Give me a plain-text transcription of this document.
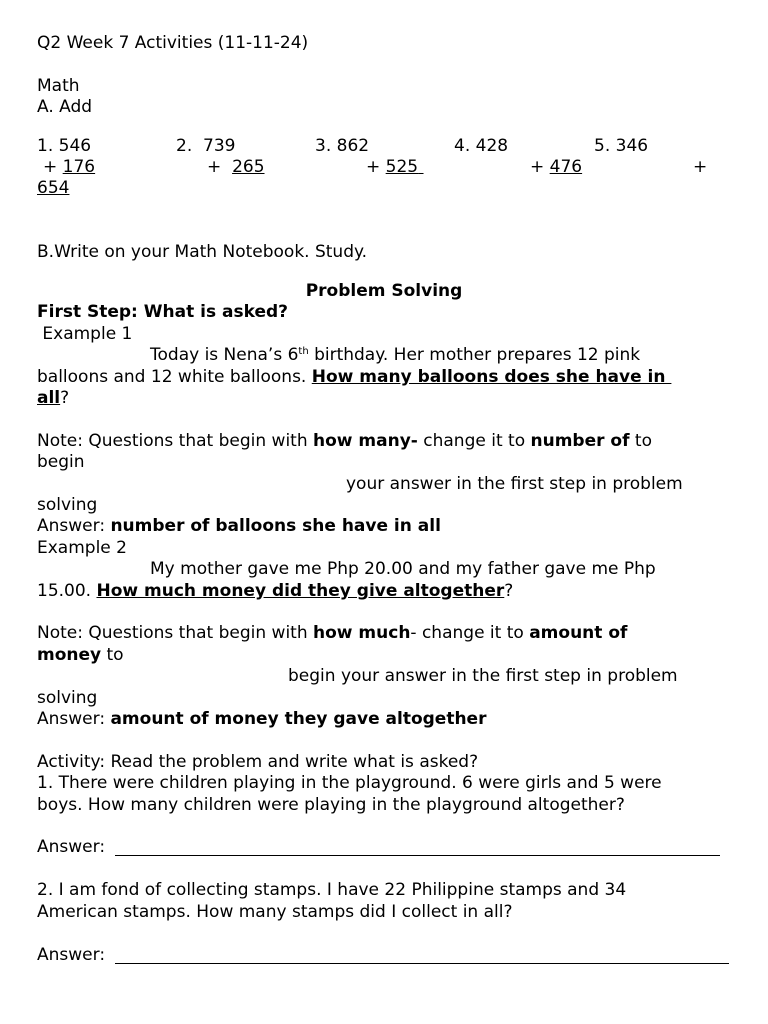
Q2 Week 7 Activities (11-11-24)
Math
A. Add
1. 546	2. 739	3. 862	4. 428	5. 346
+ 176	+ 265	+ 525	+ 476	+
654
B.Write on your Math Notebook. Study.
Problem Solving
First Step: What is asked?
Example 1
Today is Nena’s 6th birthday. Her mother prepares 12 pink
balloons and 12 white balloons. How many balloons does she have in
all?
Note: Questions that begin with how many- change it to number of to
begin
your answer in the first step in problem
solving
Answer: number of balloons she have in all
Example 2
My mother gave me Php 20.00 and my father gave me Php
15.00. How much money did they give altogether?
Note: Questions that begin with how much- change it to amount of
money to
begin your answer in the first step in problem
solving
Answer: amount of money they gave altogether
Activity: Read the problem and write what is asked?
1. There were children playing in the playground. 6 were girls and 5 were
boys. How many children were playing in the playground altogether?
Answer:
2. I am fond of collecting stamps. I have 22 Philippine stamps and 34
American stamps. How many stamps did I collect in all?
Answer:
